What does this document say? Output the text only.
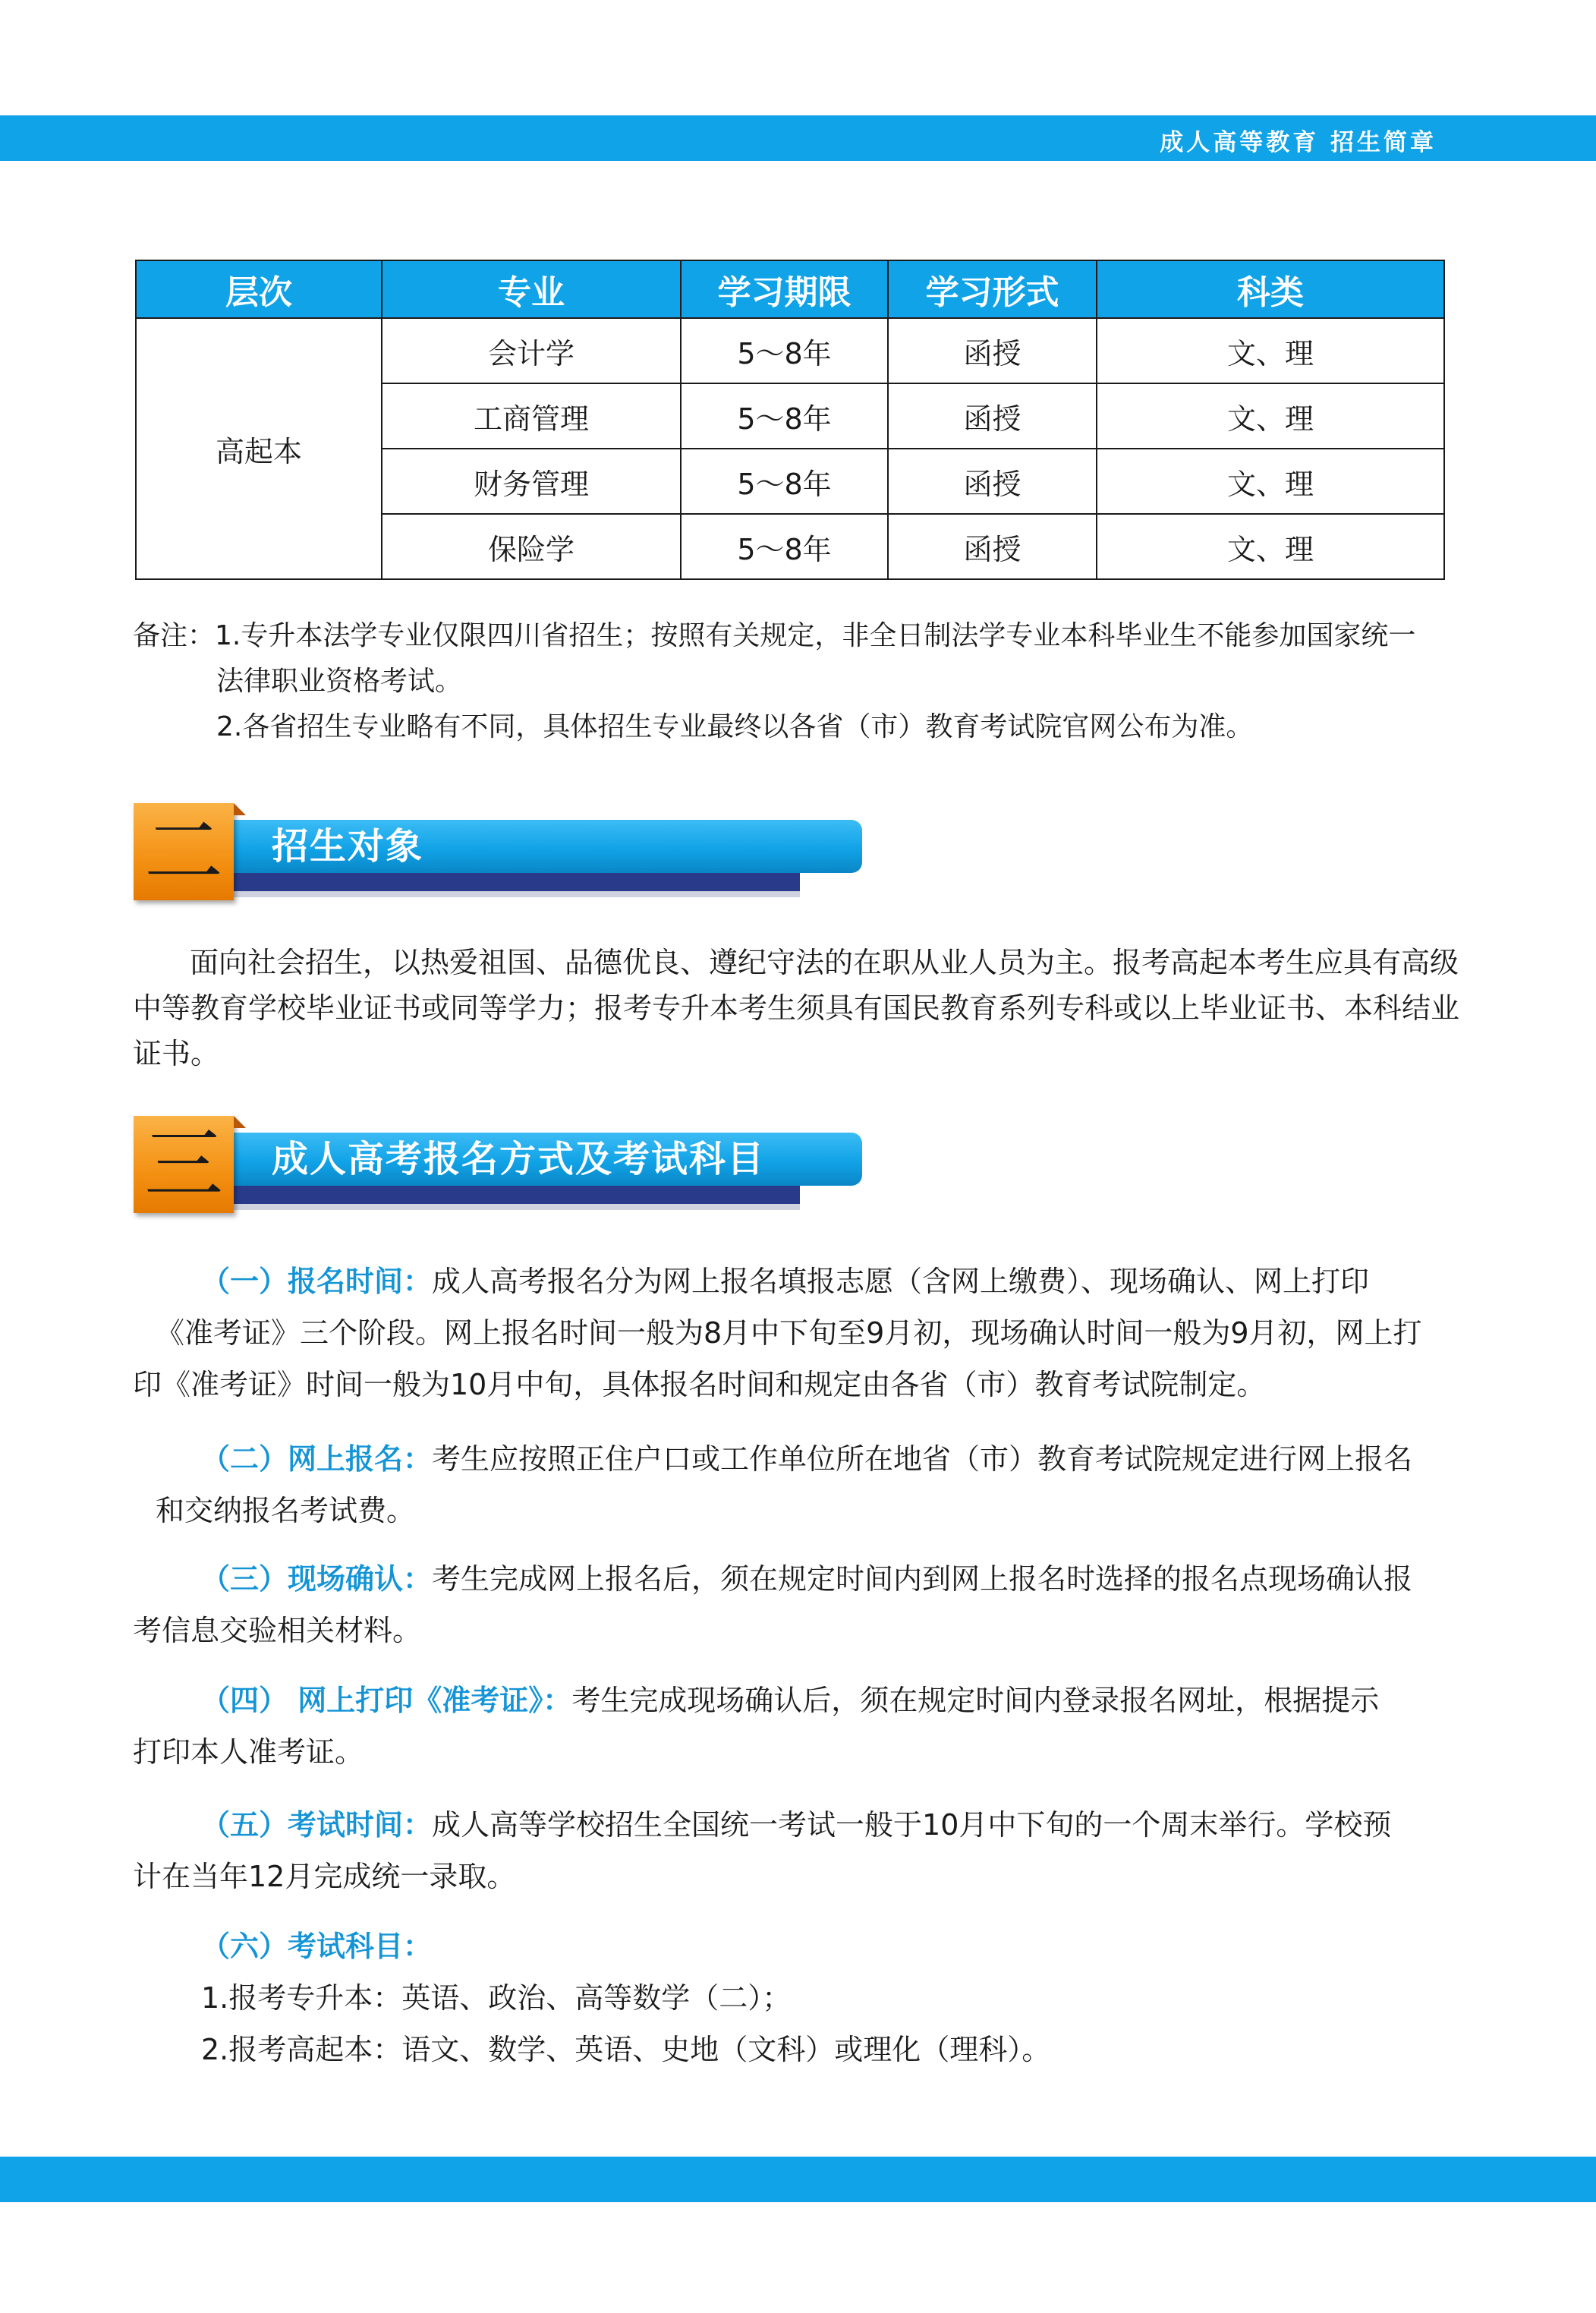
成人高等教育 招生简章
层次	专业	学习期限	学习形式	科类
高起本	会计学	5～8年	函授	文、理
	工商管理	5～8年	函授	文、理
	财务管理	5～8年	函授	文、理
	保险学	5～8年	函授	文、理
备注： 1.专升本法学专业仅限四川省招生；按照有关规定，非全日制法学专业本科毕业生不能参加国家统一
法律职业资格考试。
2.各省招生专业略有不同，具体招生专业最终以各省（市）教育考试院官网公布为准。
招生对象
二
面向社会招生，以热爱祖国、品德优良、遵纪守法的在职从业人员为主。报考高起本考生应具有高级
中等教育学校毕业证书或同等学力；报考专升本考生须具有国民教育系列专科或以上毕业证书、本科结业
证书。
成人高考报名方式及考试科目
三
（一）报名时间：成人高考报名分为网上报名填报志愿（含网上缴费）、现场确认、网上打印
《准考证》三个阶段。网上报名时间一般为8月中下旬至9月初，现场确认时间一般为9月初，网上打
印《准考证》时间一般为10月中旬，具体报名时间和规定由各省（市）教育考试院制定。
（二）网上报名：考生应按照正住户口或工作单位所在地省（市）教育考试院规定进行网上报名
和交纳报名考试费。
（三）现场确认：考生完成网上报名后，须在规定时间内到网上报名时选择的报名点现场确认报
考信息交验相关材料。
（四） 网上打印《准考证》：考生完成现场确认后，须在规定时间内登录报名网址，根据提示
打印本人准考证。
（五）考试时间：成人高等学校招生全国统一考试一般于10月中下旬的一个周末举行。学校预
计在当年12月完成统一录取。
（六）考试科目：
1.报考专升本：英语、政治、高等数学（二）；
2.报考高起本：语文、数学、英语、史地（文科）或理化（理科）。
